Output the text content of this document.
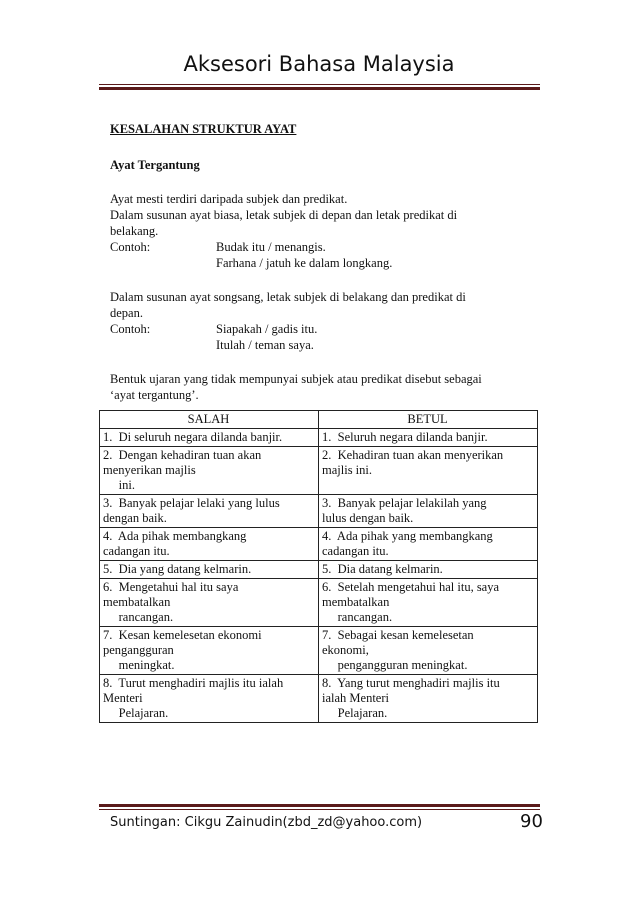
Aksesori Bahasa Malaysia

KESALAHAN STRUKTUR AYAT

Ayat Tergantung

Ayat mesti terdiri daripada subjek dan predikat.
Dalam susunan ayat biasa, letak subjek di depan dan letak predikat di
belakang.

Contoh:	Budak itu / menangis.
Farhana / jatuh ke dalam longkang.

Dalam susunan ayat songsang, letak subjek di belakang dan predikat di
depan.

Contoh:	Siapakah / gadis itu.
Itulah / teman saya.

Bentuk ujaran yang tidak mempunyai subjek atau predikat disebut sebagai
‘ayat tergantung’.

SALAH	BETUL

1.  Di seluruh negara dilanda banjir.	1.  Seluruh negara dilanda banjir.

2.  Dengan kehadiran tuan akan
menyerikan majlis
ini.	2.  Kehadiran tuan akan menyerikan
majlis ini.

3.  Banyak pelajar lelaki yang lulus
dengan baik.	3.  Banyak pelajar lelakilah yang
lulus dengan baik.

4.  Ada pihak membangkang
cadangan itu.	4.  Ada pihak yang membangkang
cadangan itu.

5.  Dia yang datang kelmarin.	5.  Dia datang kelmarin.

6.  Mengetahui hal itu saya
membatalkan
rancangan.	6.  Setelah mengetahui hal itu, saya
membatalkan
rancangan.

7.  Kesan kemelesetan ekonomi
pengangguran
meningkat.	7.  Sebagai kesan kemelesetan
ekonomi,
pengangguran meningkat.

8.  Turut menghadiri majlis itu ialah
Menteri
Pelajaran.	8.  Yang turut menghadiri majlis itu
ialah Menteri
Pelajaran.
Suntingan: Cikgu Zainudin(zbd_zd@yahoo.com)	90
